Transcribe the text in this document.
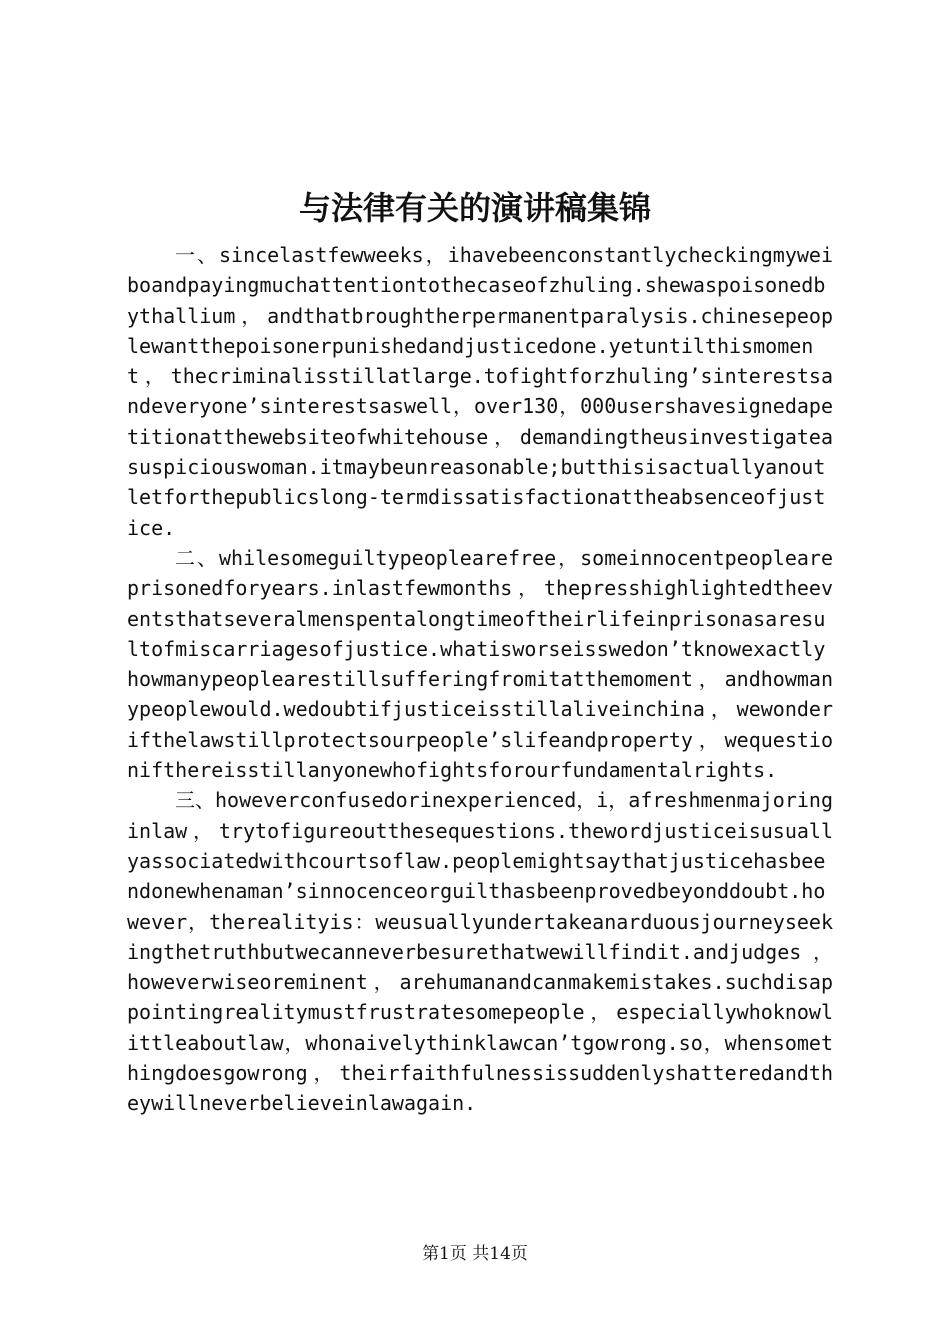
与法律有关的演讲稿集锦

一、sincelastfewweeks，ihavebeenconstantlycheckingmyweiboandpayingmuchattentiontothecaseofzhuling.shewaspoisonedbythallium，andthatbroughtherpermanentparalysis.chinesepeoplewantthepoisonerpunishedandjusticedone.yetuntilthismoment，thecriminalisstillatlarge.tofightforzhuling’sinterestsandeveryone’sinterestsaswell，over130，000usershavesignedapetitionatthewebsiteofwhitehouse，demandingtheusinvestigateasuspiciouswoman.itmaybeunreasonable;butthisisactuallyanoutletforthepublicslong-termdissatisfactionattheabsenceofjustice.

二、whilesomeguiltypeoplearefree，someinnocentpeoplearеprisonedforyears.inlastfewmonths，thepresshighlightedtheeventsthatseveralmenspentalongtimeoftheirlifeinprisonasaresultofmiscarriagesofjustice.whatisworseisswedon’tknowexactlyhowmanypeoplearestillsufferingfromitatthemoment，andhowmanypeoplewould.wedoubtifjusticeisstillaliveinchina，wewonderifthelawstillprotectsourpeople’slifeandproperty，wequestionifthereisstillanyonewhofightsforourfundamentalrights.

三、howeverconfusedorinexperienced，i，afreshmenmajoringinlaw，trytofigureoutthesequestions.thewordjusticeisusuallyassociatedwithcourtsoflaw.peoplemightsaythatjusticehasbeendonewhenaman’sinnocenceorguilthasbeenprovedbeyonddoubt.however，therealityis：weusuallyundertakeanarduousjourneyseekingthetruthbutwecanneverbesurethatwewillfindit.andjudges，howeverwiseoreminent，arehumanandcanmakemistakes.suchdisappointingrealitymustfrustratesomepeople，especiallywhoknowlittleaboutlaw，whonaivelythinklawcan’tgowrong.so，whensomethingdoesgowrong，theirfaithfulnessissuddenlyshatteredandtheywillneverbelieveinlawagain.

第1页 共14页
